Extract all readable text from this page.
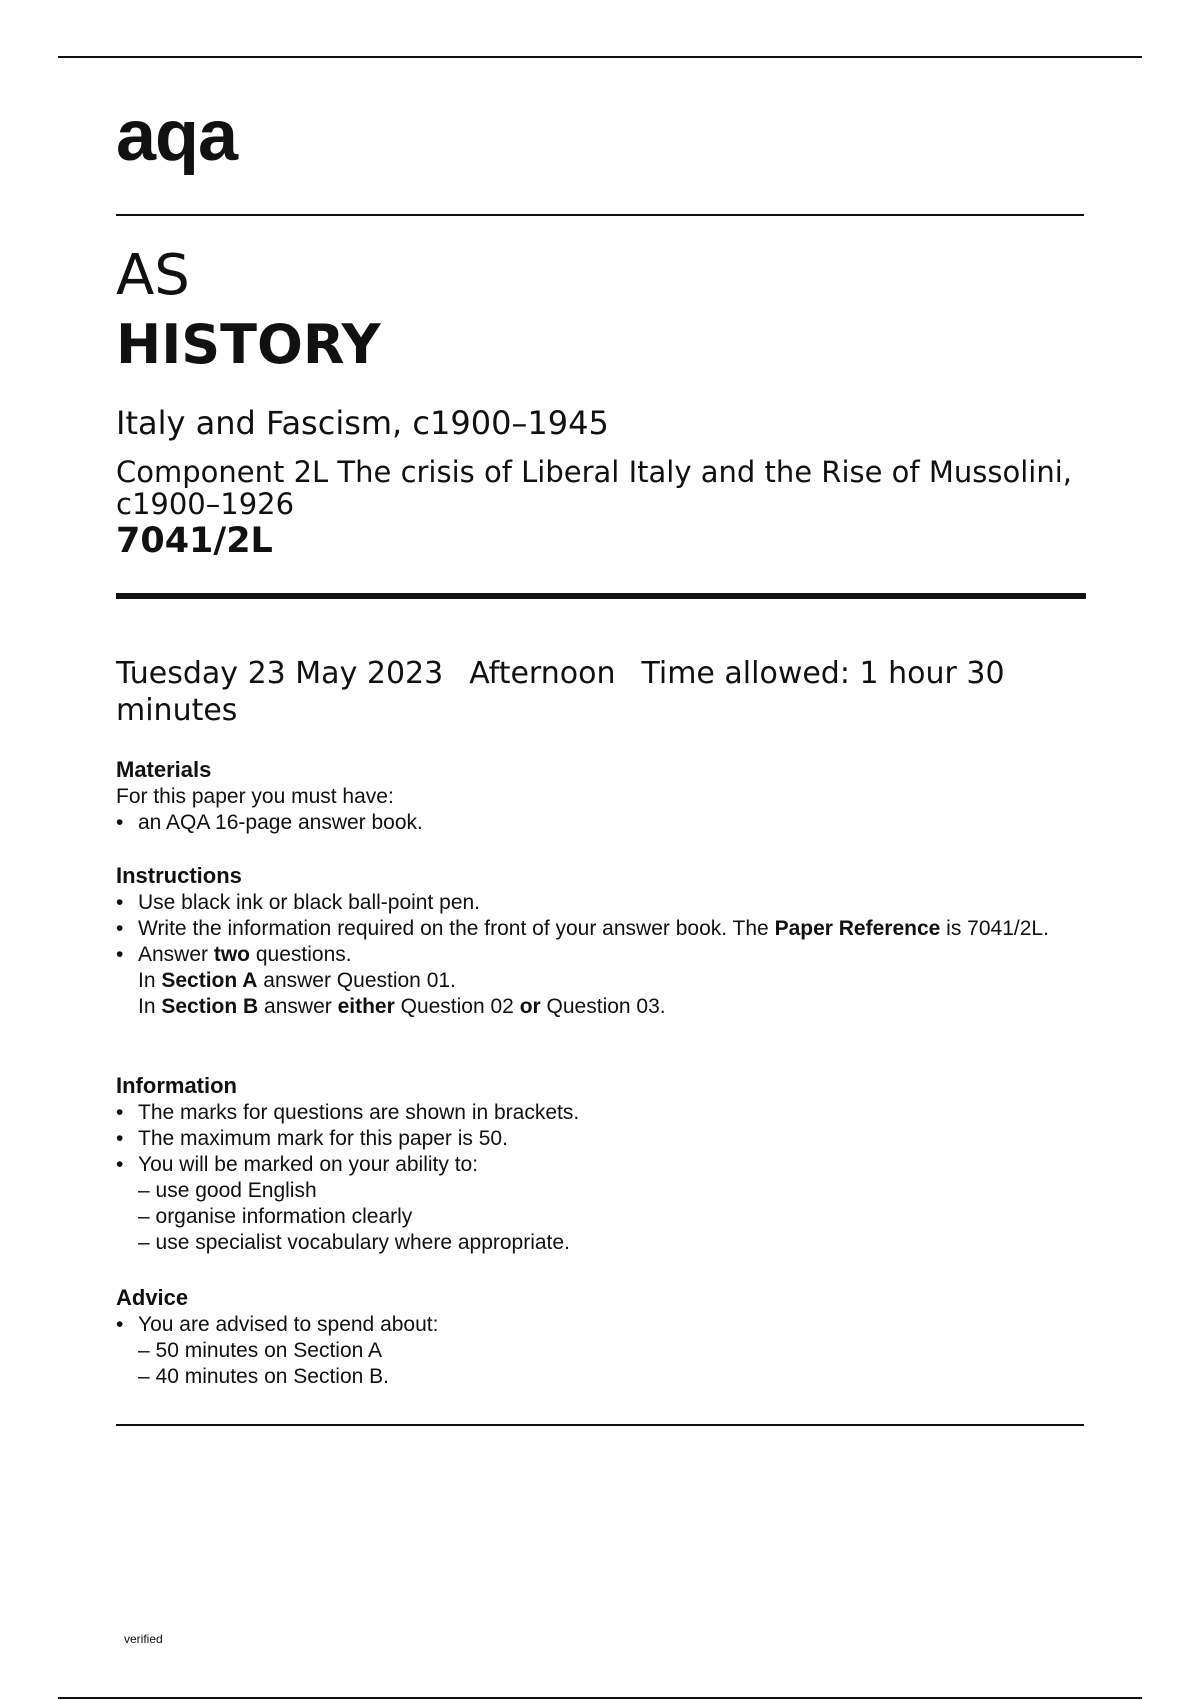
aqa
AS
HISTORY
Italy and Fascism, c1900–1945
Component 2L The crisis of Liberal Italy and the Rise of Mussolini, c1900–1926
7041/2L
Tuesday 23 May 2023 Afternoon Time allowed: 1 hour 30 minutes
Materials
For this paper you must have:
• an AQA 16-page answer book.
Instructions
• Use black ink or black ball-point pen.
• Write the information required on the front of your answer book. The Paper Reference is 7041/2L.
• Answer two questions.
In Section A answer Question 01.
In Section B answer either Question 02 or Question 03.
Information
• The marks for questions are shown in brackets.
• The maximum mark for this paper is 50.
• You will be marked on your ability to:
– use good English
– organise information clearly
– use specialist vocabulary where appropriate.
Advice
• You are advised to spend about:
– 50 minutes on Section A
– 40 minutes on Section B.
verified
